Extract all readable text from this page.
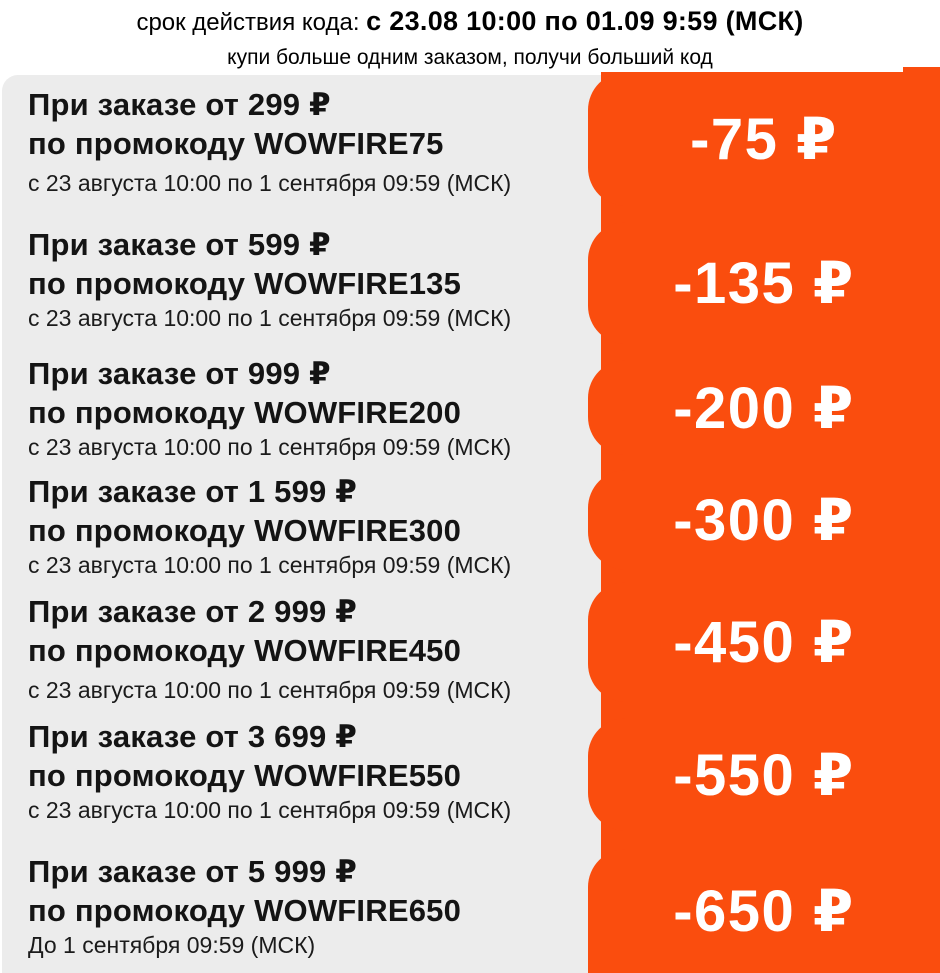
срок действия кода: с 23.08 10:00 по 01.09 9:59 (МСК)
купи больше одним заказом, получи больший код
-75 ₽
-135 ₽
-200 ₽
-300 ₽
-450 ₽
-550 ₽
-650 ₽
При заказе от 299 ₽
по промокоду WOWFIRE75
с 23 августа 10:00 по 1 сентября 09:59 (МСК)
При заказе от 599 ₽
по промокоду WOWFIRE135
с 23 августа 10:00 по 1 сентября 09:59 (МСК)
При заказе от 999 ₽
по промокоду WOWFIRE200
с 23 августа 10:00 по 1 сентября 09:59 (МСК)
При заказе от 1 599 ₽
по промокоду WOWFIRE300
с 23 августа 10:00 по 1 сентября 09:59 (МСК)
При заказе от 2 999 ₽
по промокоду WOWFIRE450
с 23 августа 10:00 по 1 сентября 09:59 (МСК)
При заказе от 3 699 ₽
по промокоду WOWFIRE550
с 23 августа 10:00 по 1 сентября 09:59 (МСК)
При заказе от 5 999 ₽
по промокоду WOWFIRE650
До 1 сентября 09:59 (МСК)
